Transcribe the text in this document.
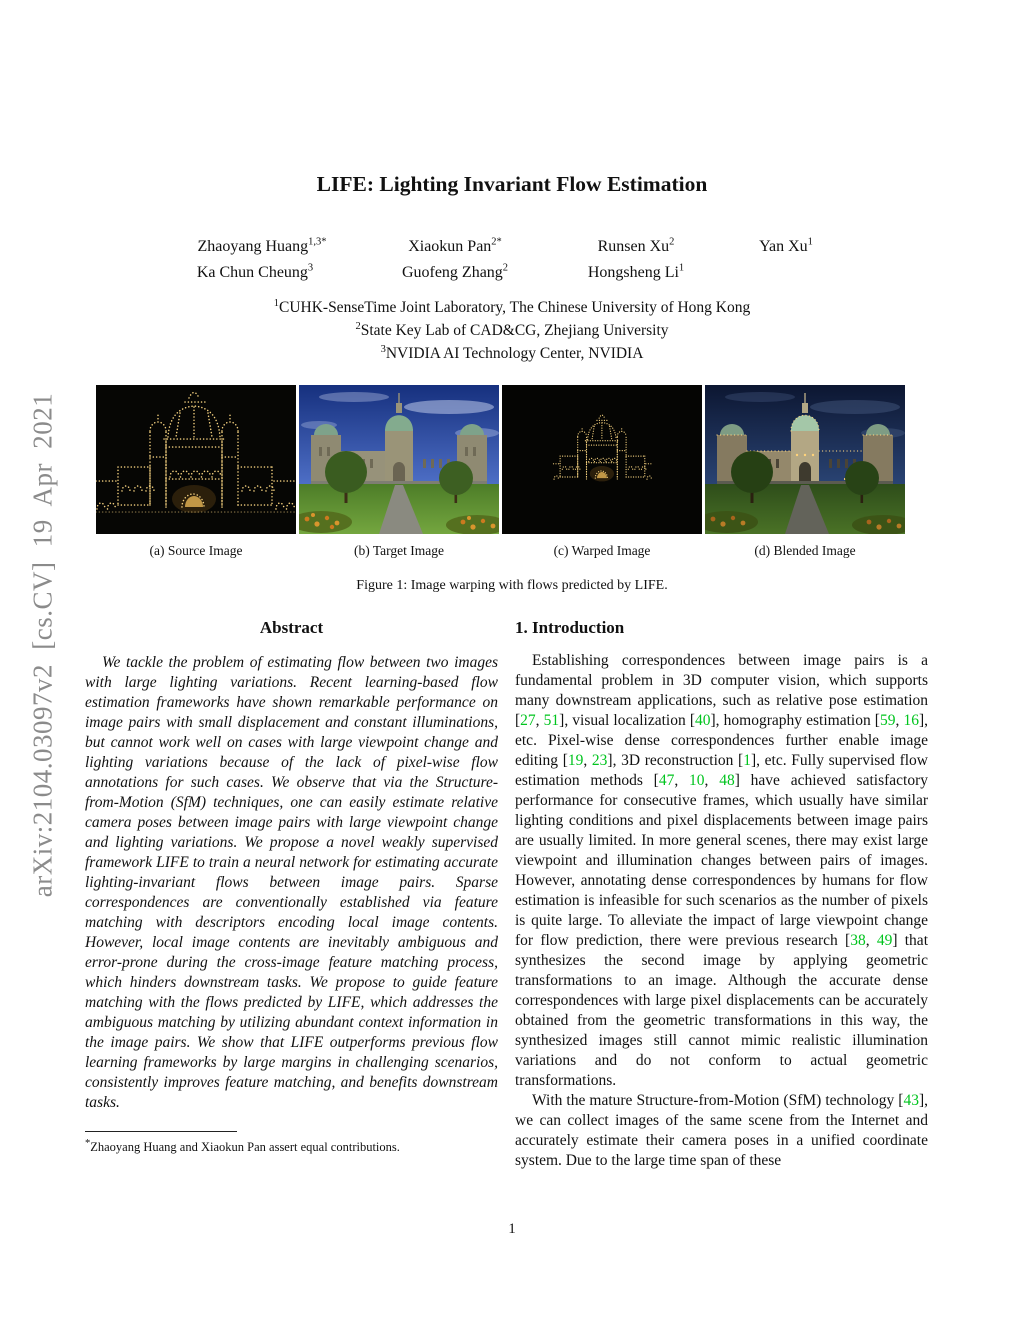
arXiv:2104.03097v2 [cs.CV] 19 Apr 2021
LIFE: Lighting Invariant Flow Estimation
Zhaoyang Huang$^{1,3*}$	Xiaokun Pan$^{2*}$	Runsen Xu$^2$	Yan Xu$^1$
Ka Chun Cheung$^3$	Guofeng Zhang$^2$	Hongsheng Li$^1$
$^1$CUHK-SenseTime Joint Laboratory, The Chinese University of Hong Kong
$^2$State Key Lab of CAD&CG, Zhejiang University
$^3$NVIDIA AI Technology Center, NVIDIA
(a) Source Image	(b) Target Image	(c) Warped Image	(d) Blended Image
Figure 1: Image warping with flows predicted by LIFE.
Abstract

We tackle the problem of estimating flow between two images with large lighting variations. Recent learning-based flow estimation frameworks have shown remarkable performance on image pairs with small displacement and constant illuminations, but cannot work well on cases with large viewpoint change and lighting variations because of the lack of pixel-wise flow annotations for such cases. We observe that via the Structure-from-Motion (SfM) techniques, one can easily estimate relative camera poses between image pairs with large viewpoint change and lighting variations. We propose a novel weakly supervised framework LIFE to train a neural network for estimating accurate lighting-invariant flows between image pairs. Sparse correspondences are conventionally established via feature matching with descriptors encoding local image contents. However, local image contents are inevitably ambiguous and error-prone during the cross-image feature matching process, which hinders downstream tasks. We propose to guide feature matching with the flows predicted by LIFE, which addresses the ambiguous matching by utilizing abundant context information in the image pairs. We show that LIFE outperforms previous flow learning frameworks by large margins in challenging scenarios, consistently improves feature matching, and benefits downstream tasks.

*Zhaoyang Huang and Xiaokun Pan assert equal contributions.
1. Introduction

Establishing correspondences between image pairs is a fundamental problem in 3D computer vision, which supports many downstream applications, such as relative pose estimation [27, 51], visual localization [40], homography estimation [59, 16], etc. Pixel-wise dense correspondences further enable image editing [19, 23], 3D reconstruction [1], etc. Fully supervised flow estimation methods [47, 10, 48] have achieved satisfactory performance for consecutive frames, which usually have similar lighting conditions and pixel displacements between image pairs are usually limited. In more general scenes, there may exist large viewpoint and illumination changes between pairs of images. However, annotating dense correspondences by humans for flow estimation is infeasible for such scenarios as the number of pixels is quite large. To alleviate the impact of large viewpoint change for flow prediction, there were previous research [38, 49] that synthesizes the second image by applying geometric transformations to an image. Although the accurate dense correspondences with large pixel displacements can be accurately obtained from the geometric transformations in this way, the synthesized images still cannot mimic realistic illumination variations and do not conform to actual geometric transformations.

With the mature Structure-from-Motion (SfM) technology [43], we can collect images of the same scene from the Internet and accurately estimate their camera poses in a unified coordinate system. Due to the large time span of these

1
